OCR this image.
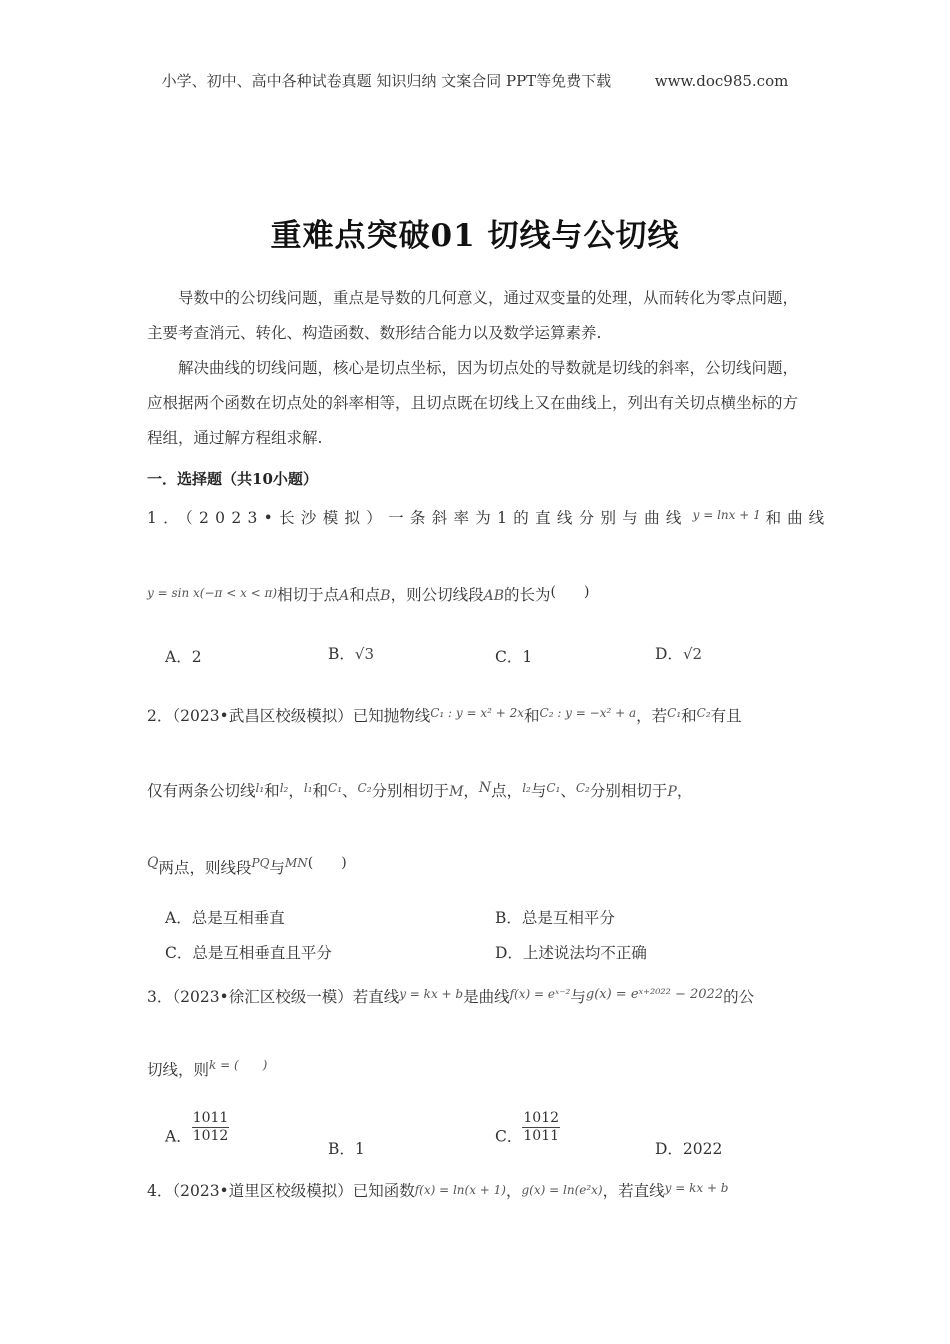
小学、初中、高中各种试卷真题 知识归纳 文案合同 PPT等免费下载	www.doc985.com
重难点突破01 切线与公切线
导数中的公切线问题，重点是导数的几何意义，通过双变量的处理，从而转化为零点问题，主要考查消元、转化、构造函数、数形结合能力以及数学运算素养.
解决曲线的切线问题，核心是切点坐标，因为切点处的导数就是切线的斜率，公切线问题，应根据两个函数在切点处的斜率相等，且切点既在切线上又在曲线上，列出有关切点横坐标的方程组，通过解方程组求解.
一．选择题（共10小题）
1．（2023•长沙模拟）一条斜率为1的直线分别与曲线 $^{y = lnx + 1}$ 和曲线
y = sin x(−π < x < π)相切于点A和点B，则公切线段AB的长为(　　)
A．2	B．√3	C．1	D．√2
2．（2023•武昌区校级模拟）已知抛物线$^{C_1 : y = x^2 + 2x}$和$^{C_2 : y = -x^2 + a}$，若$^{C_1}$和$^{C_2}$有且
仅有两条公切线$^{l_1}$和$^{l_2}$，$^{l_1}$和$^{C_1}$、$^{C_2}$分别相切于M，N点，$^{l_2}$与$^{C_1}$、$^{C_2}$分别相切于P，
Q两点，则线段$^{PQ}$与$^{MN}$(　　)
A．总是互相垂直	B．总是互相平分
C．总是互相垂直且平分	D．上述说法均不正确
3．（2023•徐汇区校级一模）若直线$^{y = kx + b}$是曲线$^{f(x) = eˣ^{-2}}$与$^{g(x) = eˣ^{+2022} - 2022}$的公
切线，则$^{k = ( )}$
A． $\frac{1011}{1012}$
B．1
C． $\frac{1012}{1011}$
D．2022
4．（2023•道里区校级模拟）已知函数f(x) = ln(x + 1)，g(x) = ln(e²x)，若直线$^{y = kx + b}$
